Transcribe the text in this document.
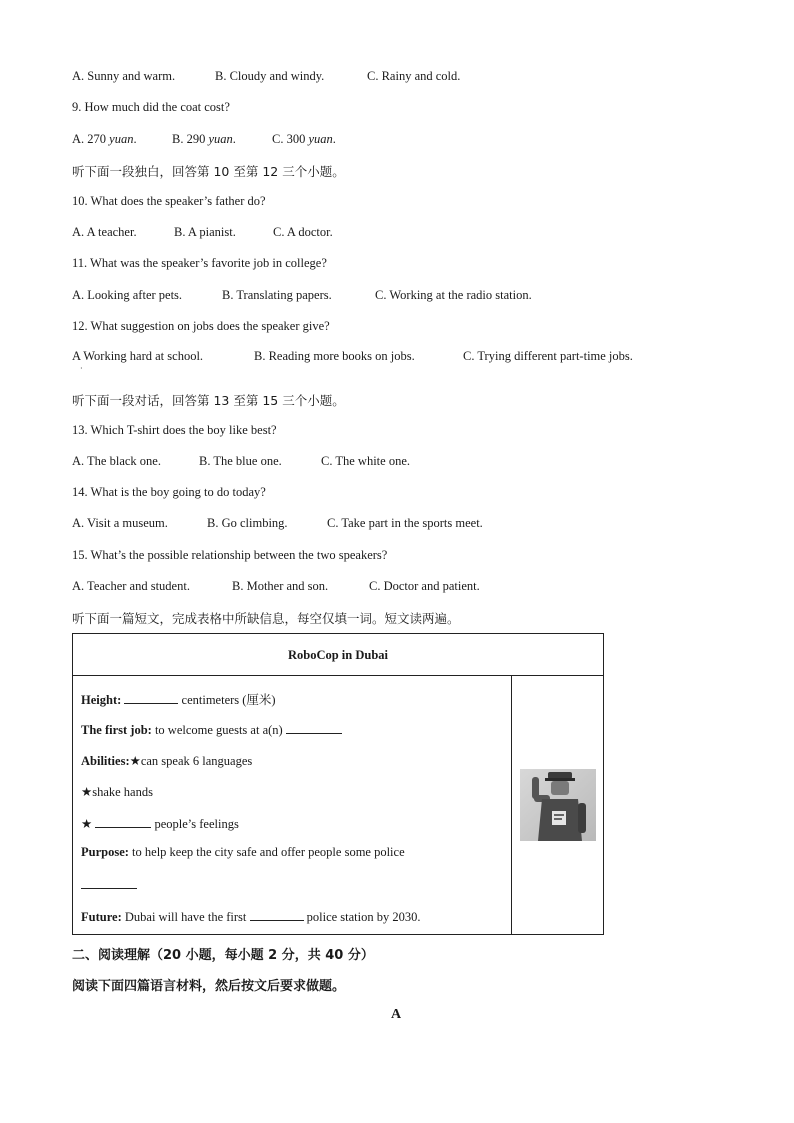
A. Sunny and warm.	B. Cloudy and windy.	C. Rainy and cold.
9. How much did the coat cost?
A. 270 yuan.	B. 290 yuan.	C. 300 yuan.
听下面一段独白，回答第 10 至第 12 三个小题。
10. What does the speaker’s father do?
A. A teacher.	B. A pianist.	C. A doctor.
11. What was the speaker’s favorite job in college?
A. Looking after pets.	B. Translating papers.	C. Working at the radio station.
12. What suggestion on jobs does the speaker give?
A Working hard at school.	B. Reading more books on jobs.	C. Trying different part-time jobs.
·
听下面一段对话，回答第 13 至第 15 三个小题。
13. Which T-shirt does the boy like best?
A. The black one.	B. The blue one.	C. The white one.
14. What is the boy going to do today?
A. Visit a museum.	B. Go climbing.	C. Take part in the sports meet.
15. What’s the possible relationship between the two speakers?
A. Teacher and student.	B. Mother and son.	C. Doctor and patient.
听下面一篇短文，完成表格中所缺信息，每空仅填一词。短文读两遍。
RoboCop in Dubai
Height:	centimeters (厘米)
The first job: to welcome guests at a(n)
Abilities:★can speak 6 languages
★shake hands
★	people’s feelings
Purpose: to help keep the city safe and offer people some police
Future: Dubai will have the first	police station by 2030.
二、阅读理解（20 小题，每小题 2 分，共 40 分）
阅读下面四篇语言材料，然后按文后要求做题。
A
